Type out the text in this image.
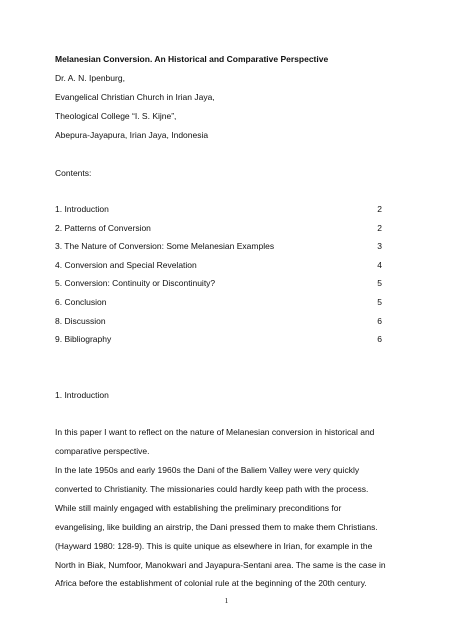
Melanesian Conversion. An Historical and Comparative Perspective
Dr. A. N. Ipenburg,
Evangelical Christian Church in Irian Jaya,
Theological College “I. S. Kijne”,
Abepura-Jayapura, Irian Jaya, Indonesia
Contents:
1. Introduction	2
2. Patterns of Conversion	2
3. The Nature of Conversion: Some Melanesian Examples	3
4. Conversion and Special Revelation	4
5. Conversion: Continuity or Discontinuity?	5
6. Conclusion	5
8. Discussion	6
9. Bibliography	6
1. Introduction
In this paper I want to reflect on the nature of Melanesian conversion in historical and
comparative perspective.
In the late 1950s and early 1960s the Dani of the Baliem Valley were very quickly
converted to Christianity. The missionaries could hardly keep path with the process.
While still mainly engaged with establishing the preliminary preconditions for
evangelising, like building an airstrip, the Dani pressed them to make them Christians.
(Hayward 1980: 128-9). This is quite unique as elsewhere in Irian, for example in the
North in Biak, Numfoor, Manokwari and Jayapura-Sentani area. The same is the case in
Africa before the establishment of colonial rule at the beginning of the 20th century.
1
